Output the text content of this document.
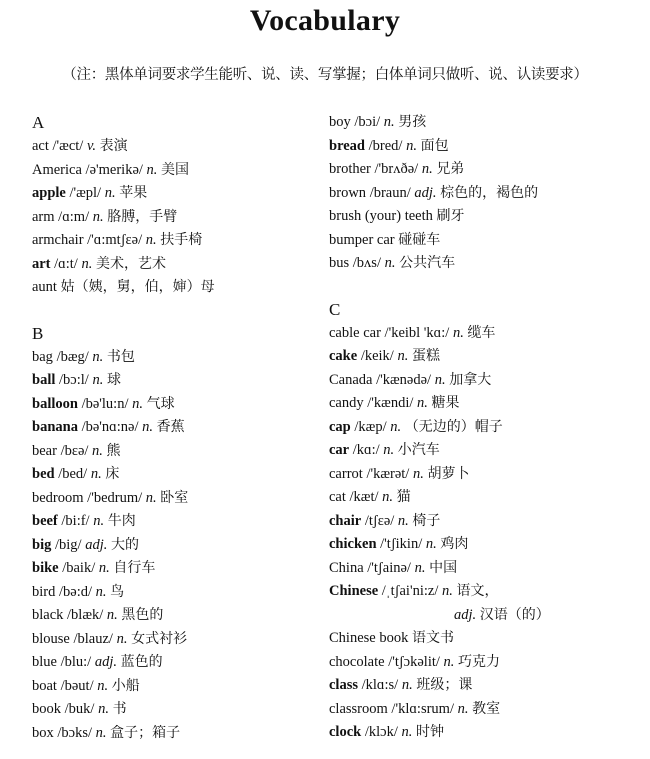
Vocabulary
（注：黑体单词要求学生能听、说、读、写掌握；白体单词只做听、说、认读要求）
A
act /'æct/ v. 表演
America /ə'merikə/ n. 美国
apple /'æpl/ n. 苹果
arm /ɑ:m/ n. 胳膊，手臂
armchair /'ɑ:mtʃεə/ n. 扶手椅
art /ɑ:t/ n. 美术，艺术
aunt 姑（姨，舅，伯，婶）母
B
bag /bæg/ n. 书包
ball /bɔ:l/ n. 球
balloon /bə'lu:n/ n. 气球
banana /bə'nɑ:nə/ n. 香蕉
bear /bεə/ n. 熊
bed /bed/ n. 床
bedroom /'bedrum/ n. 卧室
beef /bi:f/ n. 牛肉
big /big/ adj. 大的
bike /baik/ n. 自行车
bird /bə:d/ n. 鸟
black /blæk/ n. 黑色的
blouse /blauz/ n. 女式衬衫
blue /blu:/ adj. 蓝色的
boat /bəut/ n. 小船
book /buk/ n. 书
box /bɔks/ n. 盒子；箱子
boy /bɔi/ n. 男孩
bread /bred/ n. 面包
brother /'brʌðə/ n. 兄弟
brown /braun/ adj. 棕色的，褐色的
brush (your) teeth 刷牙
bumper car 碰碰车
bus /bʌs/ n. 公共汽车
C
cable car /'keibl 'kɑ:/ n. 缆车
cake /keik/ n. 蛋糕
Canada /'kænədə/ n. 加拿大
candy /'kændi/ n. 糖果
cap /kæp/ n. （无边的）帽子
car /kɑ:/ n. 小汽车
carrot /'kærət/ n. 胡萝卜
cat /kæt/ n. 猫
chair /tʃεə/ n. 椅子
chicken /'tʃikin/ n. 鸡肉
China /'tʃainə/ n. 中国
Chinese /ˌtʃai'ni:z/ n. 语文，
adj. 汉语（的）
Chinese book 语文书
chocolate /'tʃɔkəlit/ n. 巧克力
class /klɑ:s/ n. 班级；课
classroom /'klɑ:srum/ n. 教室
clock /klɔk/ n. 时钟
